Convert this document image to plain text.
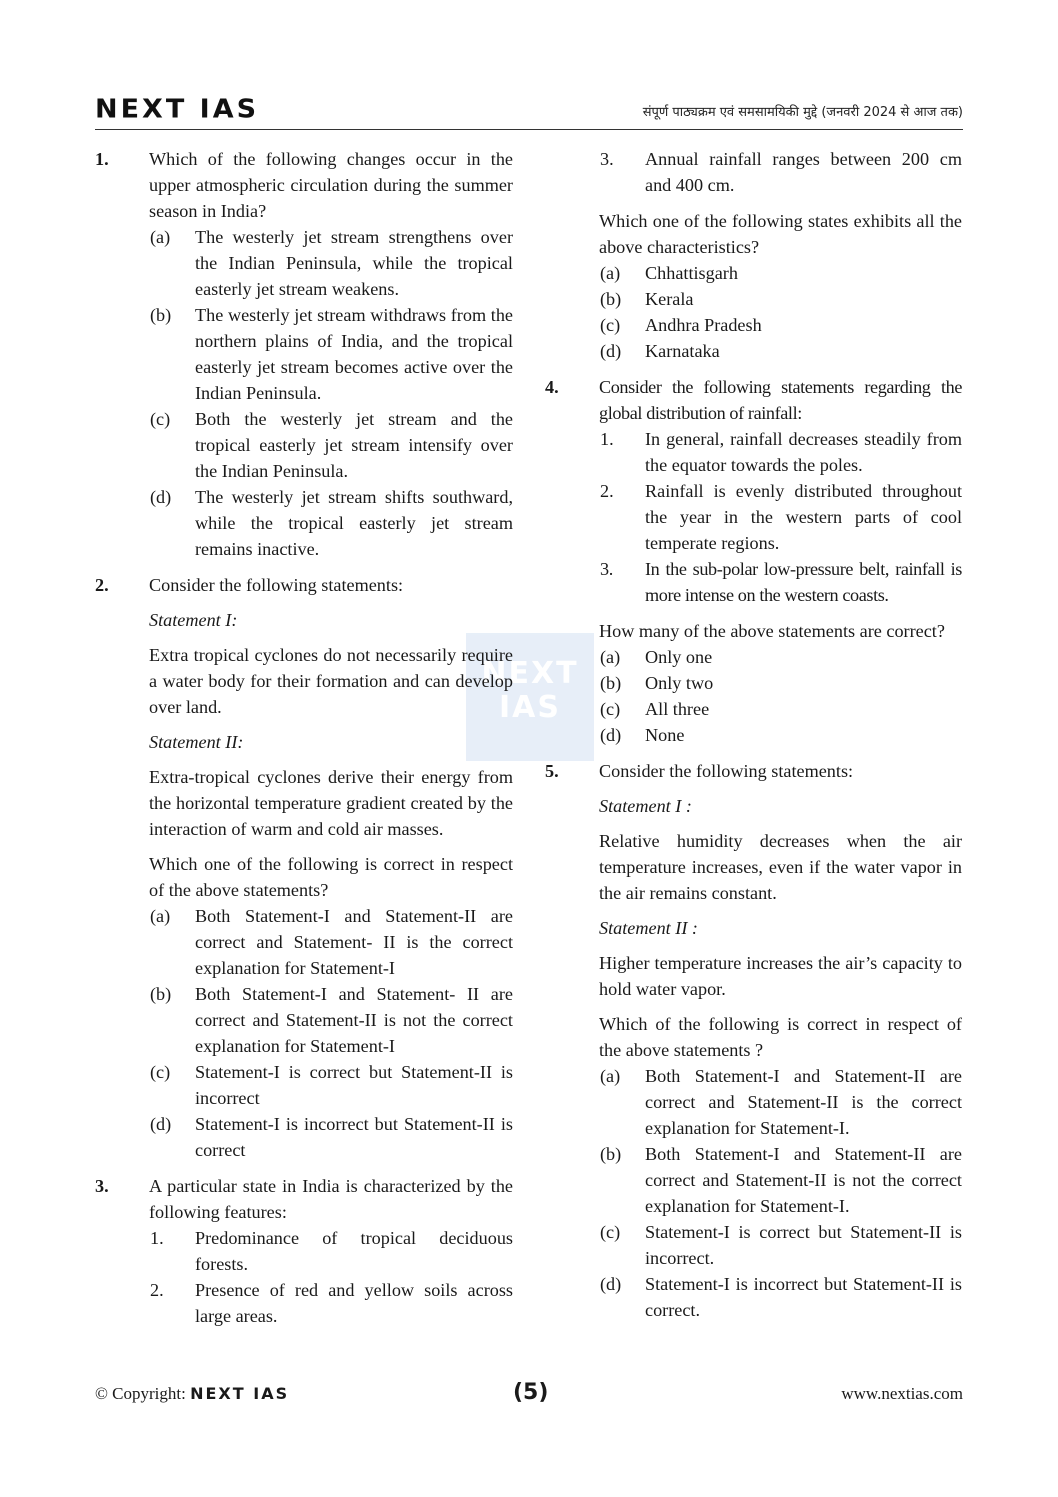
NEXT IAS	संपूर्ण पाठ्यक्रम एवं समसामयिकी मुद्दे (जनवरी 2024 से आज तक)
NEXT IAS
1. Which of the following changes occur in the upper atmospheric circulation during the summer season in India?
(a) The westerly jet stream strengthens over the Indian Peninsula, while the tropical easterly jet stream weakens.
(b) The westerly jet stream withdraws from the northern plains of India, and the tropical easterly jet stream becomes active over the Indian Peninsula.
(c) Both the westerly jet stream and the tropical easterly jet stream intensify over the Indian Peninsula.
(d) The westerly jet stream shifts southward, while the tropical easterly jet stream remains inactive.
2. Consider the following statements:
Statement I:
Extra tropical cyclones do not necessarily require a water body for their formation and can develop over land.
Statement II:
Extra-tropical cyclones derive their energy from the horizontal temperature gradient created by the interaction of warm and cold air masses.
Which one of the following is correct in respect of the above statements?
(a) Both Statement-I and Statement-II are correct and Statement- II is the correct explanation for Statement-I
(b) Both Statement-I and Statement- II are correct and Statement-II is not the correct explanation for Statement-I
(c) Statement-I is correct but Statement-II is incorrect
(d) Statement-I is incorrect but Statement-II is correct
3. A particular state in India is characterized by the following features:
1. Predominance of tropical deciduous forests.
2. Presence of red and yellow soils across large areas.
3. Annual rainfall ranges between 200 cm and 400 cm.
Which one of the following states exhibits all the above characteristics?
(a) Chhattisgarh
(b) Kerala
(c) Andhra Pradesh
(d) Karnataka
4. Consider the following statements regarding the global distribution of rainfall:
1. In general, rainfall decreases steadily from the equator towards the poles.
2. Rainfall is evenly distributed throughout the year in the western parts of cool temperate regions.
3. In the sub-polar low-pressure belt, rainfall is more intense on the western coasts.
How many of the above statements are correct?
(a) Only one
(b) Only two
(c) All three
(d) None
5. Consider the following statements:
Statement I :
Relative humidity decreases when the air temperature increases, even if the water vapor in the air remains constant.
Statement II :
Higher temperature increases the air’s capacity to hold water vapor.
Which of the following is correct in respect of the above statements ?
(a) Both Statement-I and Statement-II are correct and Statement-II is the correct explanation for Statement-I.
(b) Both Statement-I and Statement-II are correct and Statement-II is not the correct explanation for Statement-I.
(c) Statement-I is correct but Statement-II is incorrect.
(d) Statement-I is incorrect but Statement-II is correct.
© Copyright: NEXT IAS	(5)	www.nextias.com
